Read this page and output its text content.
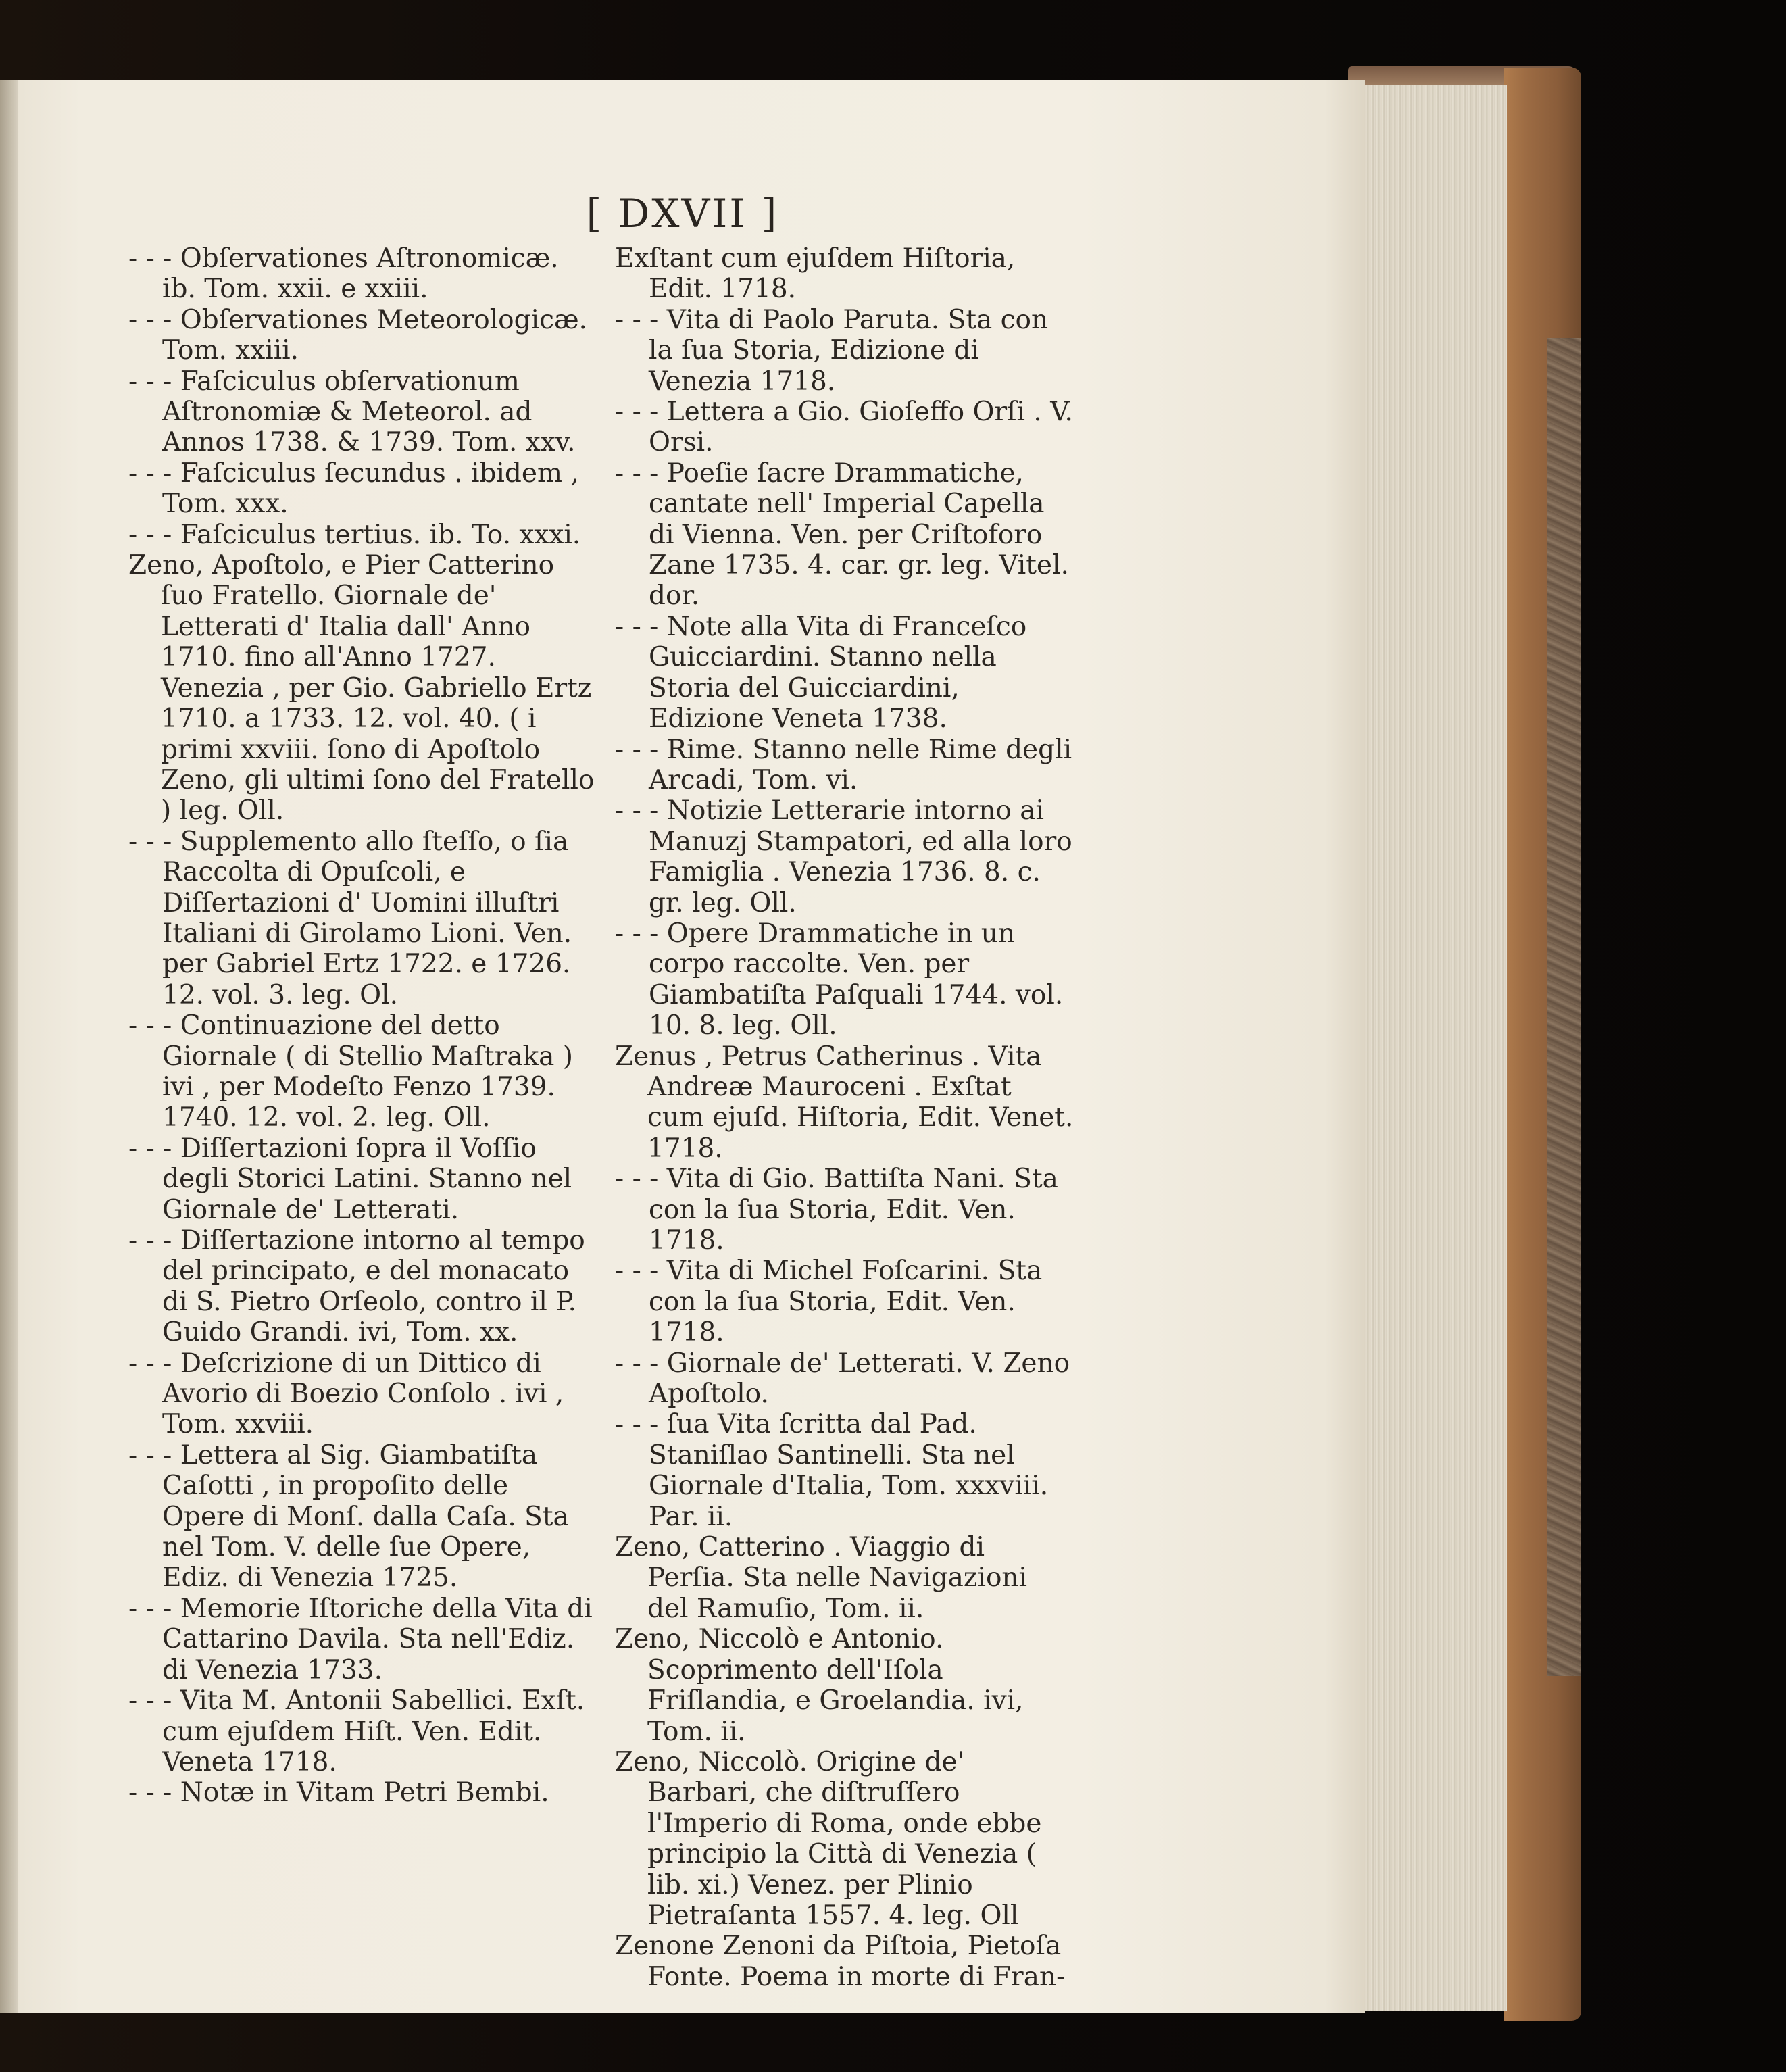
[ DXVII ]

- - - Obſervationes Aſtronomicæ. ib. Tom. xxii. e xxiii.

- - - Obſervationes Meteorologicæ. Tom. xxiii.

- - - Faſciculus obſervationum Aſtronomiæ & Meteorol. ad Annos 1738. & 1739. Tom. xxv.

- - - Faſciculus ſecundus . ibidem , Tom. xxx.

- - - Faſciculus tertius. ib. To. xxxi.

Zeno, Apoſtolo, e Pier Catterino ſuo Fratello. Giornale de' Letterati d' Italia dall' Anno 1710. fino all'Anno 1727. Venezia , per Gio. Gabriello Ertz 1710. a 1733. 12. vol. 40. ( i primi xxviii. ſono di Apoſtolo Zeno, gli ultimi ſono del Fratello ) leg. Oll.

- - - Supplemento allo ſteſſo, o ſia Raccolta di Opuſcoli, e Diſſertazioni d' Uomini illuſtri Italiani di Girolamo Lioni. Ven. per Gabriel Ertz 1722. e 1726. 12. vol. 3. leg. Ol.

- - - Continuazione del detto Giornale ( di Stellio Maſtraka ) ivi , per Modeſto Fenzo 1739. 1740. 12. vol. 2. leg. Oll.

- - - Diſſertazioni ſopra il Voſſio degli Storici Latini. Stanno nel Giornale de' Letterati.

- - - Diſſertazione intorno al tempo del principato, e del monacato di S. Pietro Orſeolo, contro il P. Guido Grandi. ivi, Tom. xx.

- - - Deſcrizione di un Dittico di Avorio di Boezio Conſolo . ivi , Tom. xxviii.

- - - Lettera al Sig. Giambatiſta Caſotti , in propoſito delle Opere di Monſ. dalla Caſa. Sta nel Tom. V. delle ſue Opere, Ediz. di Venezia 1725.

- - - Memorie Iſtoriche della Vita di Cattarino Davila. Sta nell'Ediz. di Venezia 1733.

- - - Vita M. Antonii Sabellici. Exſt. cum ejuſdem Hiſt. Ven. Edit. Veneta 1718.

- - - Notæ in Vitam Petri Bembi.

Exſtant cum ejuſdem Hiſtoria, Edit. 1718.

- - - Vita di Paolo Paruta. Sta con la ſua Storia, Edizione di Venezia 1718.

- - - Lettera a Gio. Gioſeffo Orſi . V. Orsi.

- - - Poeſie ſacre Drammatiche, cantate nell' Imperial Capella di Vienna. Ven. per Criſtoforo Zane 1735. 4. car. gr. leg. Vitel. dor.

- - - Note alla Vita di Franceſco Guicciardini. Stanno nella Storia del Guicciardini, Edizione Veneta 1738.

- - - Rime. Stanno nelle Rime degli Arcadi, Tom. vi.

- - - Notizie Letterarie intorno ai Manuzj Stampatori, ed alla loro Famiglia . Venezia 1736. 8. c. gr. leg. Oll.

- - - Opere Drammatiche in un corpo raccolte. Ven. per Giambatiſta Paſquali 1744. vol. 10. 8. leg. Oll.

Zenus , Petrus Catherinus . Vita Andreæ Mauroceni . Exſtat cum ejuſd. Hiſtoria, Edit. Venet. 1718.

- - - Vita di Gio. Battiſta Nani. Sta con la ſua Storia, Edit. Ven. 1718.

- - - Vita di Michel Foſcarini. Sta con la ſua Storia, Edit. Ven. 1718.

- - - Giornale de' Letterati. V. Zeno Apoſtolo.

- - - ſua Vita ſcritta dal Pad. Staniſlao Santinelli. Sta nel Giornale d'Italia, Tom. xxxviii. Par. ii.

Zeno, Catterino . Viaggio di Perſia. Sta nelle Navigazioni del Ramuſio, Tom. ii.

Zeno, Niccolò e Antonio. Scoprimento dell'Iſola Friſlandia, e Groelandia. ivi, Tom. ii.

Zeno, Niccolò. Origine de' Barbari, che diſtruſſero l'Imperio di Roma, onde ebbe principio la Città di Venezia ( lib. xi.) Venez. per Plinio Pietraſanta 1557. 4. leg. Oll

Zenone Zenoni da Piſtoia, Pietoſa Fonte. Poema in morte di Fran-
